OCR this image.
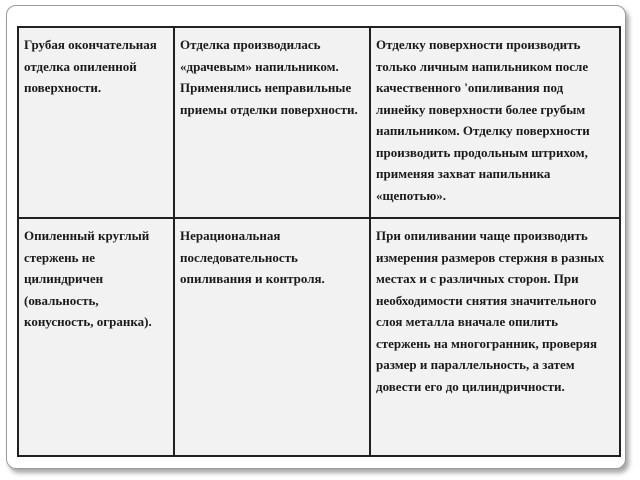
Грубая окончательная отделка опиленной поверхности.	Отделка производилась «драчевым» напильником. Применялись неправильные приемы отделки поверхности.	Отделку поверхности производить только личным напильником после качественного 'опиливания под линейку поверхности более грубым напильником. Отделку поверхности производить продольным штрихом, применяя захват напильника «щепотью».

Опиленный круглый стержень не цилиндричен (овальность, конусность, огранка).	Нерациональная последовательность опиливания и контроля.	При опиливании чаще производить измерения размеров стержня в разных местах и с различных сторон. При необходимости снятия значительного слоя металла вначале опилить стержень на многогранник, проверяя размер и параллельность, а затем довести его до цилиндричности.
